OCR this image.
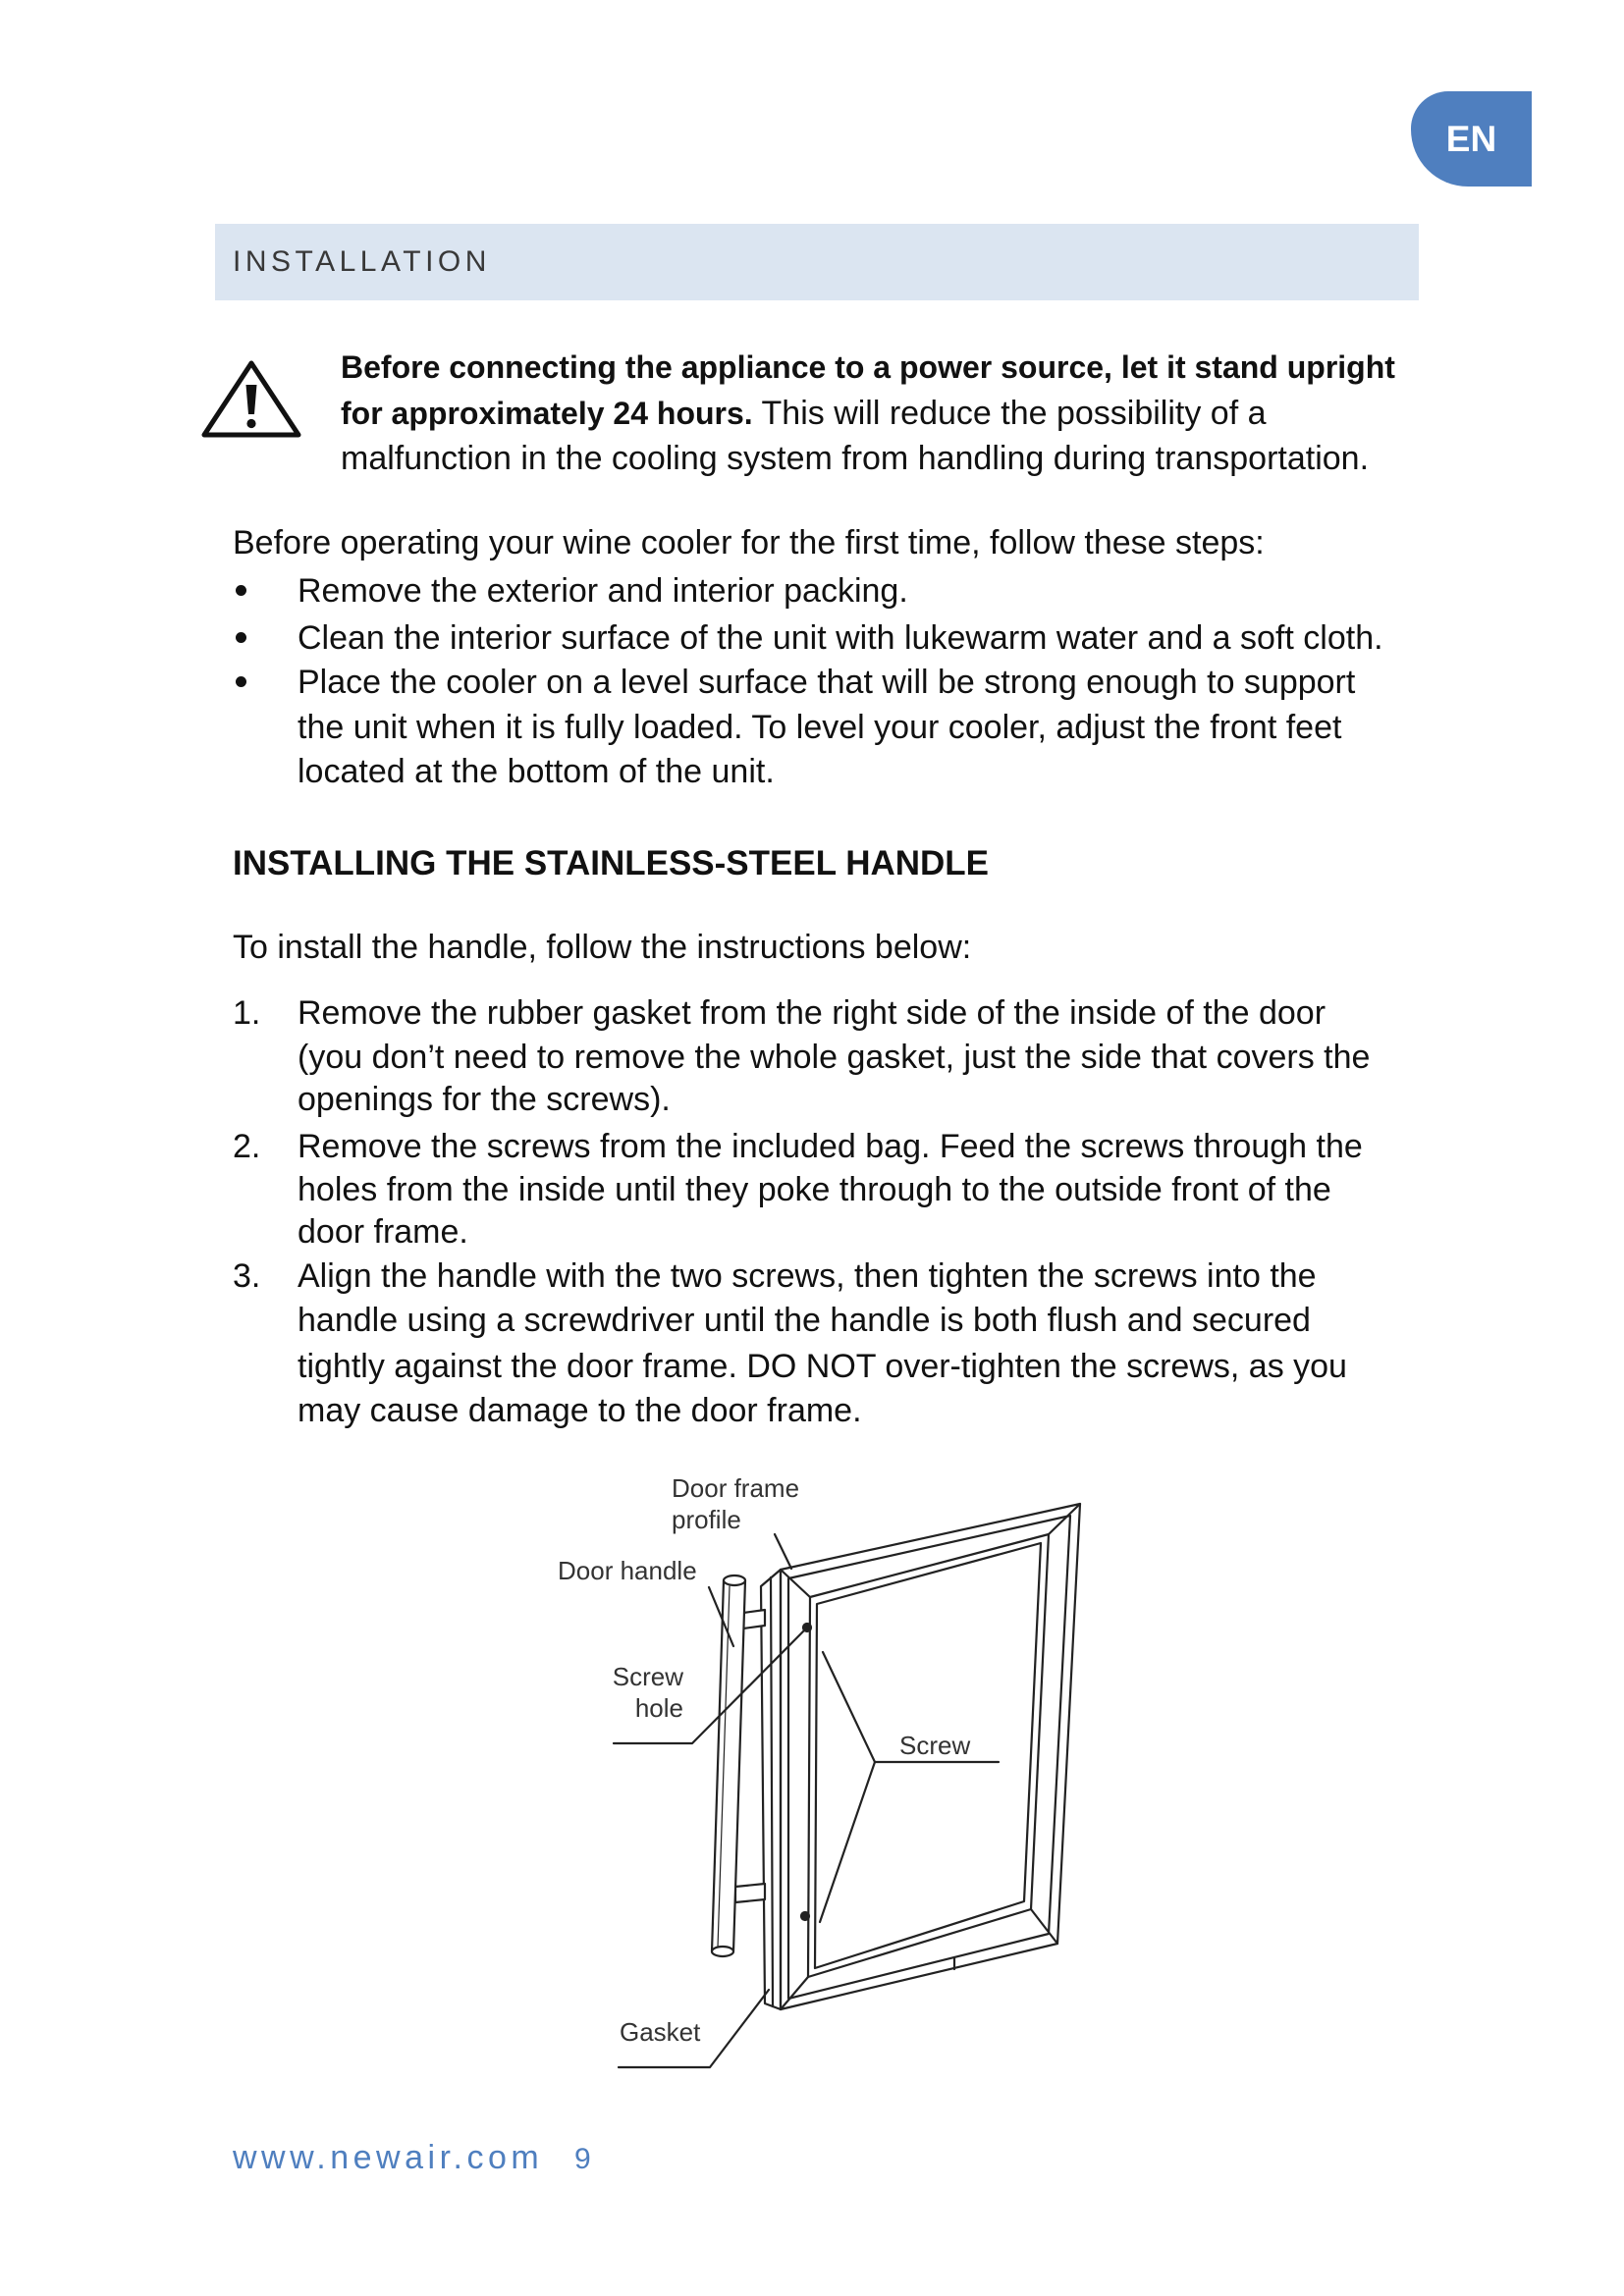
EN
INSTALLATION
Before connecting the appliance to a power source, let it stand upright
for approximately 24 hours. This will reduce the possibility of a
malfunction in the cooling system from handling during transportation.
Before operating your wine cooler for the first time, follow these steps:
Remove the exterior and interior packing.
Clean the interior surface of the unit with lukewarm water and a soft cloth.
Place the cooler on a level surface that will be strong enough to support
the unit when it is fully loaded. To level your cooler, adjust the front feet
located at the bottom of the unit.
INSTALLING THE STAINLESS-STEEL HANDLE
To install the handle, follow the instructions below:
1. Remove the rubber gasket from the right side of the inside of the door
(you don’t need to remove the whole gasket, just the side that covers the
openings for the screws).
2. Remove the screws from the included bag. Feed the screws through the
holes from the inside until they poke through to the outside front of the
door frame.
3. Align the handle with the two screws, then tighten the screws into the
handle using a screwdriver until the handle is both flush and secured
tightly against the door frame. DO NOT over-tighten the screws, as you
may cause damage to the door frame.
Door frame
profile
Door handle
Screw
hole
Screw
Gasket
www.newair.com 9
